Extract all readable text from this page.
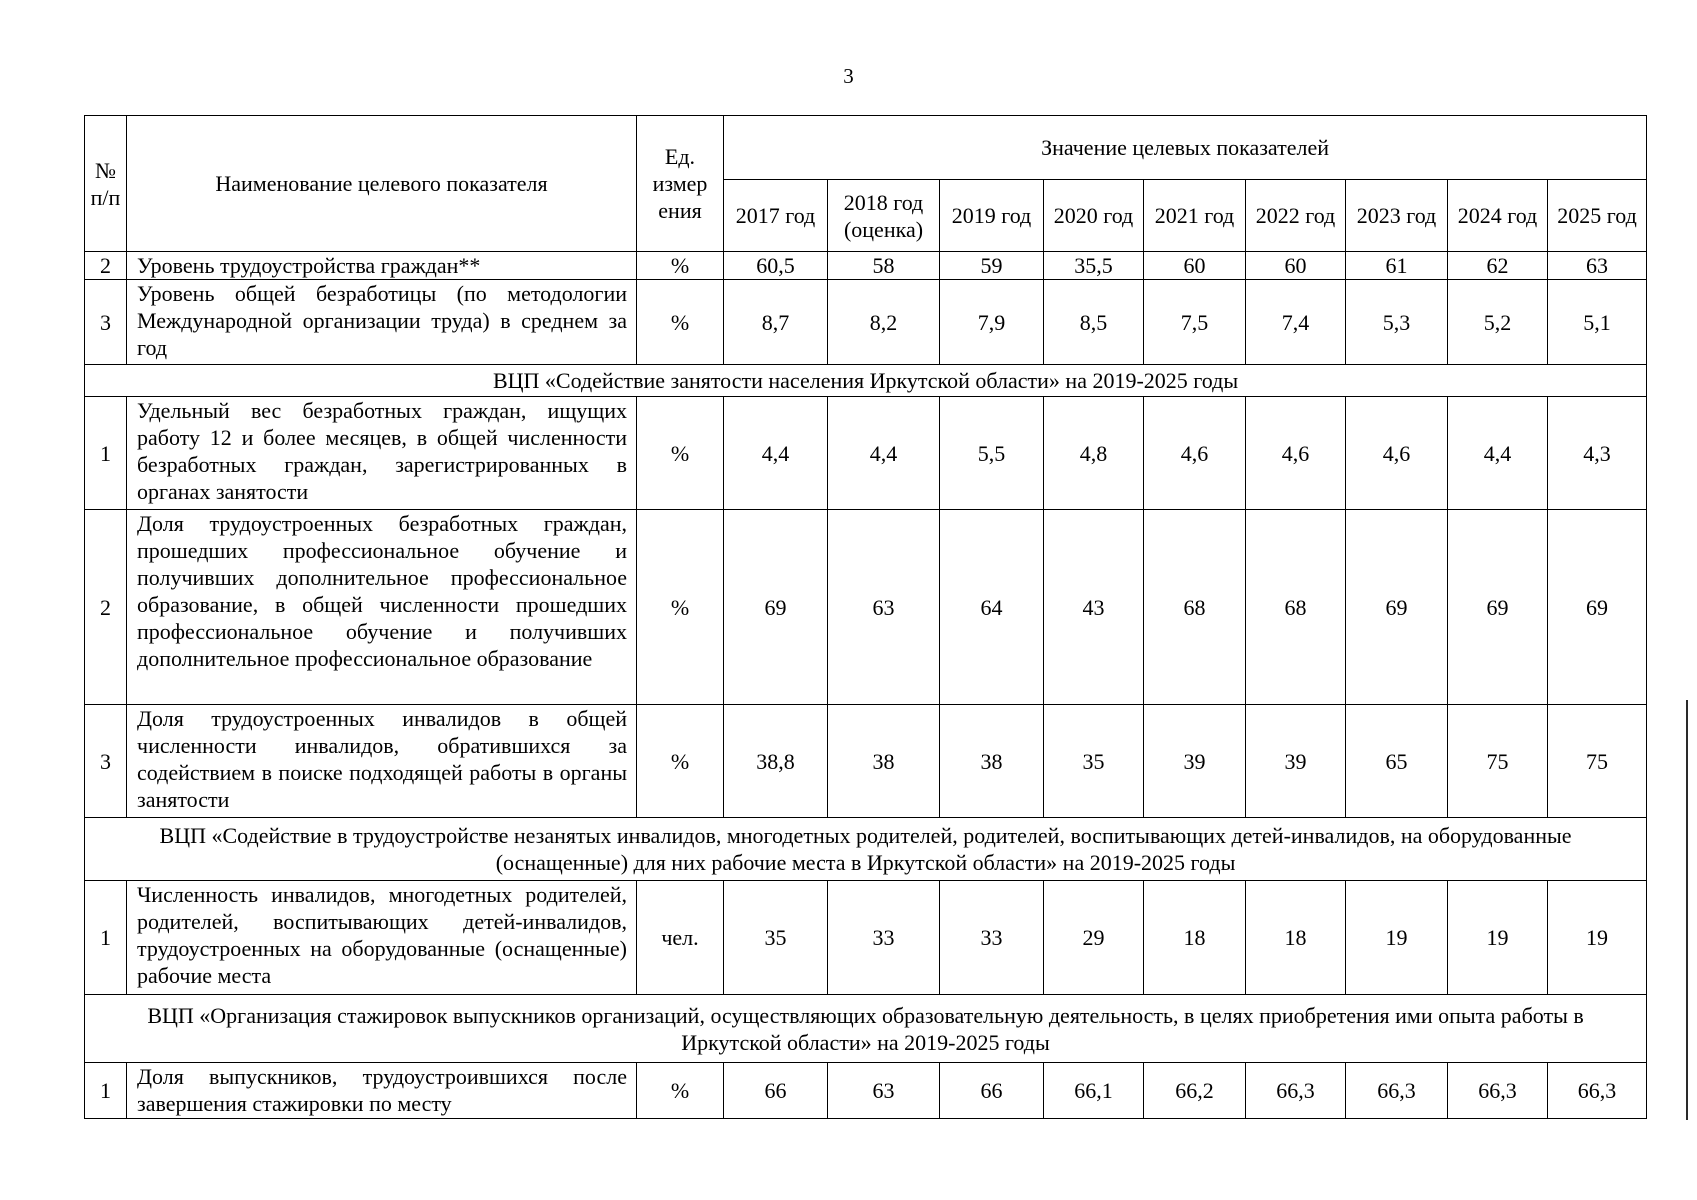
3
№ п/п	Наименование целевого показателя	Ед. измер ения	Значение целевых показателей								
			2017 год	2018 год (оценка)	2019 год	2020 год	2021 год	2022 год	2023 год	2024 год	2025 год
2	Уровень трудоустройства граждан**	%	60,5	58	59	35,5	60	60	61	62	63
3	Уровень общей безработицы (по методологии Международной организации труда) в среднем за год	%	8,7	8,2	7,9	8,5	7,5	7,4	5,3	5,2	5,1
ВЦП «Содействие занятости населения Иркутской области» на 2019-2025 годы											
1	Удельный вес безработных граждан, ищущих работу 12 и более месяцев, в общей численности безработных граждан, зарегистрированных в органах занятости	%	4,4	4,4	5,5	4,8	4,6	4,6	4,6	4,4	4,3
2	Доля трудоустроенных безработных граждан, прошедших профессиональное обучение и получивших дополнительное профессиональное образование, в общей численности прошедших профессиональное обучение и получивших дополнительное профессиональное образование	%	69	63	64	43	68	68	69	69	69
3	Доля трудоустроенных инвалидов в общей численности инвалидов, обратившихся за содействием в поиске подходящей работы в органы занятости	%	38,8	38	38	35	39	39	65	75	75
ВЦП «Содействие в трудоустройстве незанятых инвалидов, многодетных родителей, родителей, воспитывающих детей-инвалидов, на оборудованные (оснащенные) для них рабочие места в Иркутской области» на 2019-2025 годы											
1	Численность инвалидов, многодетных родителей, родителей, воспитывающих детей-инвалидов, трудоустроенных на оборудованные (оснащенные) рабочие места	чел.	35	33	33	29	18	18	19	19	19
ВЦП «Организация стажировок выпускников организаций, осуществляющих образовательную деятельность, в целях приобретения ими опыта работы в Иркутской области» на 2019-2025 годы											
1	Доля выпускников, трудоустроившихся после завершения стажировки по месту	%	66	63	66	66,1	66,2	66,3	66,3	66,3	66,3
